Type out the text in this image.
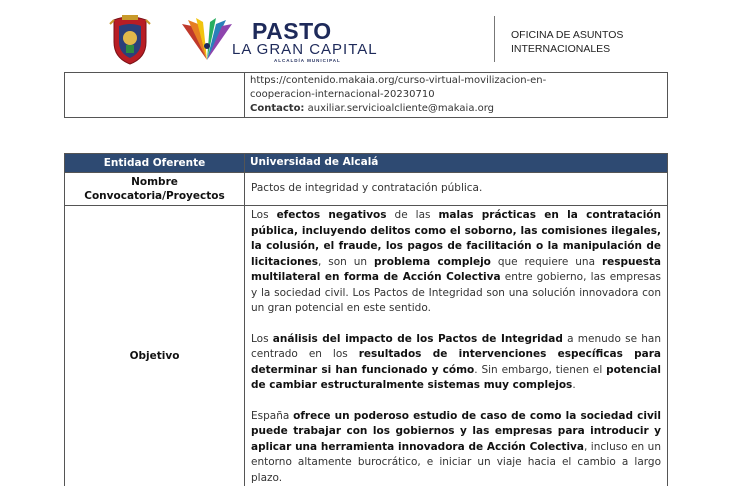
PASTO
LA GRAN CAPITAL
ALCALDÍA MUNICIPAL
OFICINA DE ASUNTOS
INTERNACIONALES

https://contenido.makaia.org/curso-virtual-movilizacion-en-
cooperacion-internacional-20230710
Contacto: auxiliar.servicioalcliente@makaia.org
Entidad Oferente	Universidad de Alcalá

Nombre
Convocatoria/Proyectos	Pactos de integridad y contratación pública.
Objetivo	Los efectos negativos de las malas prácticas en la contratación pública, incluyendo delitos como el soborno, las comisiones ilegales, la colusión, el fraude, los pagos de facilitación o la manipulación de licitaciones, son un problema complejo que requiere una respuesta multilateral en forma de Acción Colectiva entre gobierno, las empresas y la sociedad civil. Los Pactos de Integridad son una solución innovadora con un gran potencial en este sentido.

Los análisis del impacto de los Pactos de Integridad a menudo se han centrado en los resultados de intervenciones específicas para determinar si han funcionado y cómo. Sin embargo, tienen el potencial de cambiar estructuralmente sistemas muy complejos.

España ofrece un poderoso estudio de caso de como la sociedad civil puede trabajar con los gobiernos y las empresas para introducir y aplicar una herramienta innovadora de Acción Colectiva, incluso en un entorno altamente burocrático, e iniciar un viaje hacia el cambio a largo plazo.
